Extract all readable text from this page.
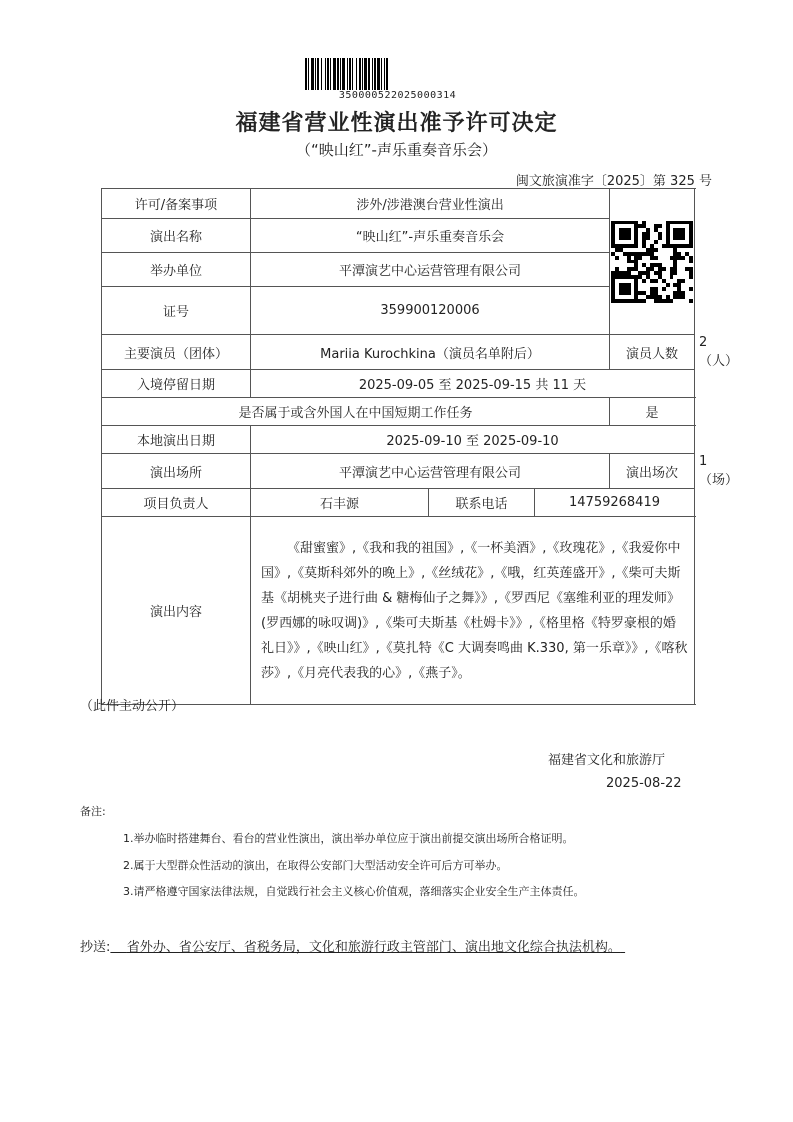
350000522025000314
福建省营业性演出准予许可决定
（“映山红”-声乐重奏音乐会）
闽文旅演准字〔2025〕第 325 号
许可/备案事项	涉外/涉港澳台营业性演出				

演出名称	“映山红”-声乐重奏音乐会				
举办单位	平潭演艺中心运营管理有限公司				
证号	359900120006				
主要演员（团体）	Mariia Kurochkina（演员名单附后）			演员人数	2（人）
入境停留日期	2025-09-05 至 2025-09-15 共 11 天				
是否属于或含外国人在中国短期工作任务				是	
本地演出日期	2025-09-10 至 2025-09-10				
演出场所	平潭演艺中心运营管理有限公司			演出场次	1（场）
项目负责人	石丰源	联系电话	14759268419		
演出内容	《甜蜜蜜》,《我和我的祖国》,《一杯美酒》,《玫瑰花》,《我爱你中国》,《莫斯科郊外的晚上》,《丝绒花》,《哦，红英莲盛开》,《柴可夫斯基《胡桃夹子进行曲 & 糖梅仙子之舞》》,《罗西尼《塞维利亚的理发师》(罗西娜的咏叹调)》,《柴可夫斯基《杜姆卡》》,《格里格《特罗豪根的婚礼日》》,《映山红》,《莫扎特《C 大调奏鸣曲 K.330, 第一乐章》》,《喀秋莎》,《月亮代表我的心》,《燕子》。				
（此件主动公开）
福建省文化和旅游厅
2025-08-22
备注:
1.举办临时搭建舞台、看台的营业性演出，演出举办单位应于演出前提交演出场所合格证明。
2.属于大型群众性活动的演出，在取得公安部门大型活动安全许可后方可举办。
3.请严格遵守国家法律法规，自觉践行社会主义核心价值观，落细落实企业安全生产主体责任。
抄送: 省外办、省公安厅、省税务局，文化和旅游行政主管部门、演出地文化综合执法机构。
